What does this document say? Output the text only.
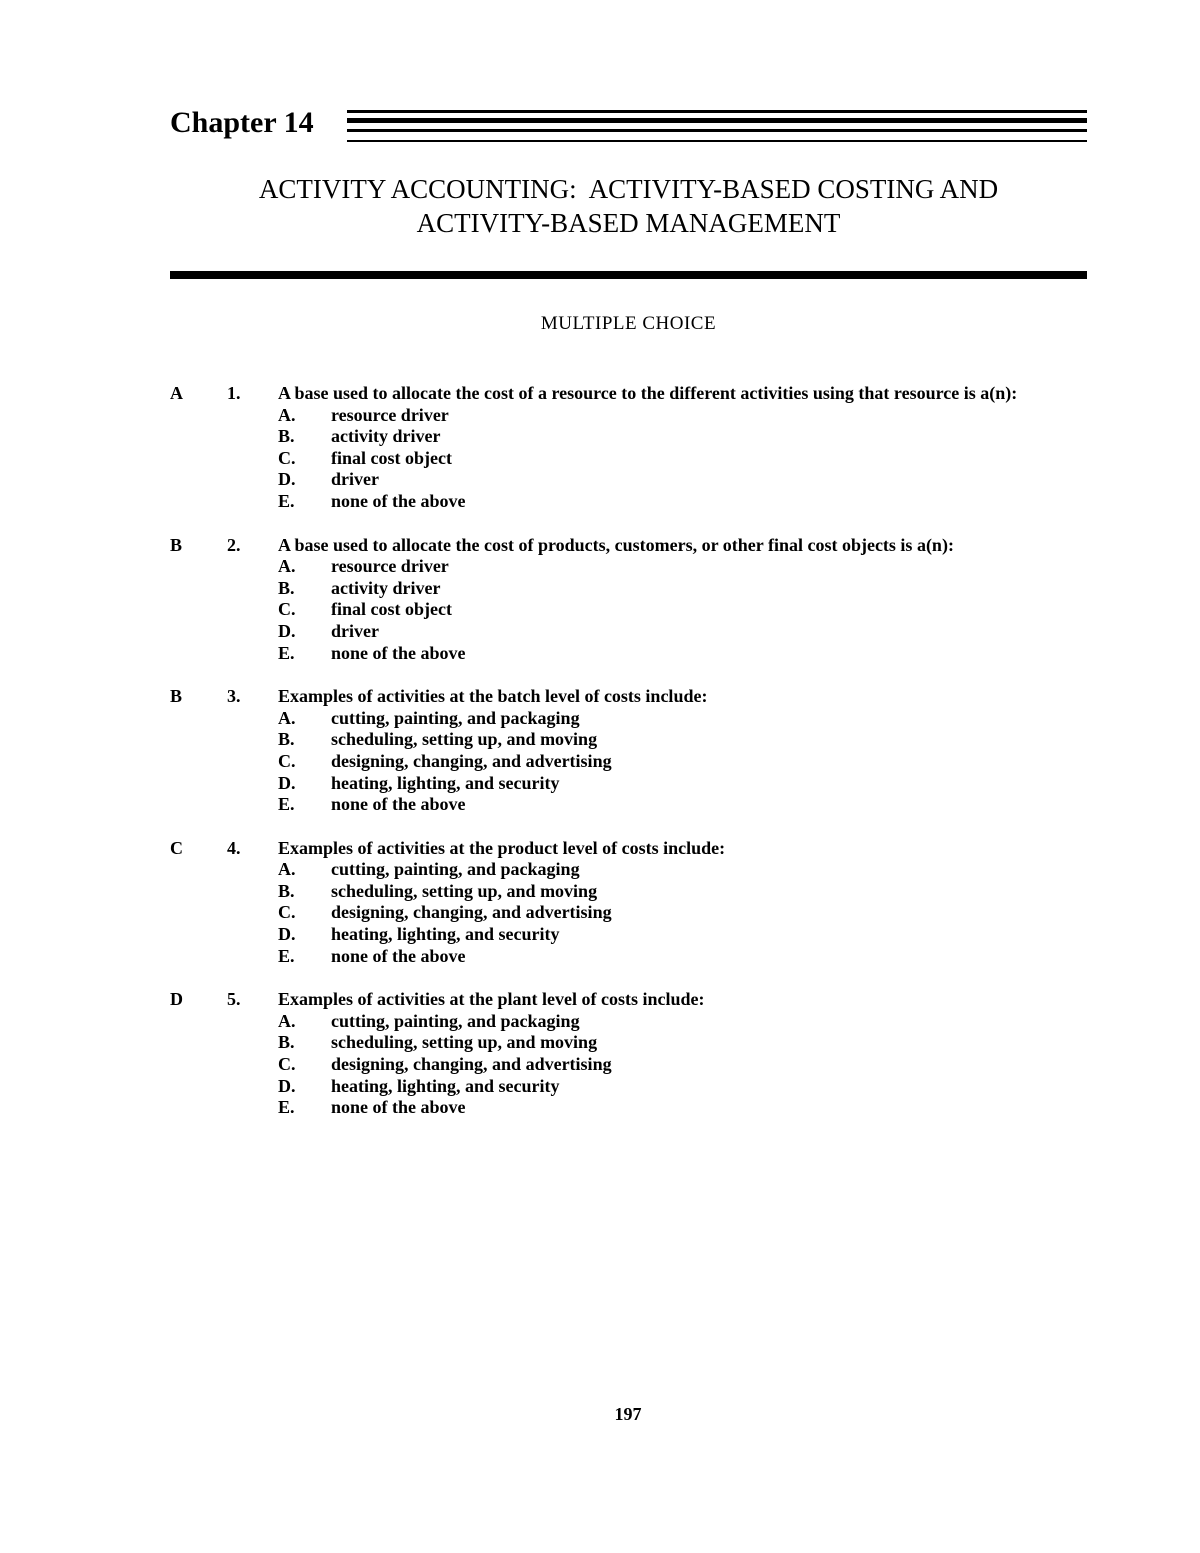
Chapter 14
ACTIVITY ACCOUNTING:  ACTIVITY-BASED COSTING AND
ACTIVITY-BASED MANAGEMENT
MULTIPLE CHOICE
A 1. A base used to allocate the cost of a resource to the different activities using that resource is a(n):
A. resource driver
B. activity driver
C. final cost object
D. driver
E. none of the above
B 2. A base used to allocate the cost of products, customers, or other final cost objects is a(n):
A. resource driver
B. activity driver
C. final cost object
D. driver
E. none of the above
B 3. Examples of activities at the batch level of costs include:
A. cutting, painting, and packaging
B. scheduling, setting up, and moving
C. designing, changing, and advertising
D. heating, lighting, and security
E. none of the above
C 4. Examples of activities at the product level of costs include:
A. cutting, painting, and packaging
B. scheduling, setting up, and moving
C. designing, changing, and advertising
D. heating, lighting, and security
E. none of the above
D 5. Examples of activities at the plant level of costs include:
A. cutting, painting, and packaging
B. scheduling, setting up, and moving
C. designing, changing, and advertising
D. heating, lighting, and security
E. none of the above
197
